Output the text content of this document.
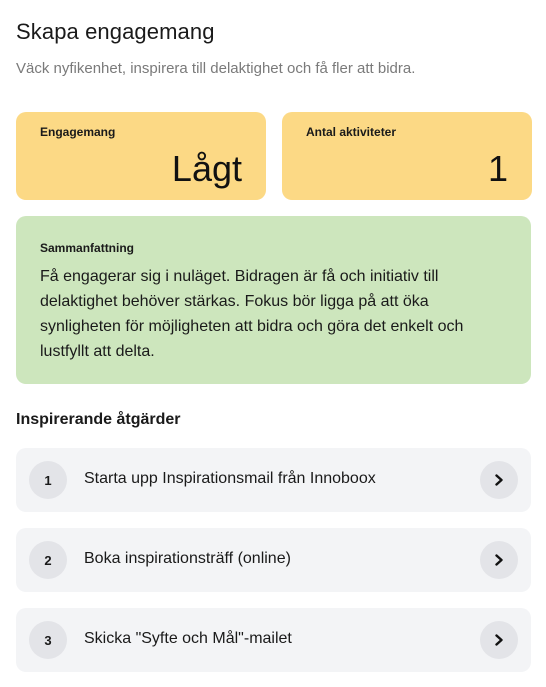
Skapa engagemang

Väck nyfikenhet, inspirera till delaktighet och få fler att bidra.

Engagemang
Lågt
Antal aktiviteter
1
Sammanfattning

Få engagerar sig i nuläget. Bidragen är få och initiativ till delaktighet behöver stärkas. Fokus bör ligga på att öka synligheten för möjligheten att bidra och göra det enkelt och lustfyllt att delta.

Inspirerande åtgärder
1	Starta upp Inspirationsmail från Innoboox
2	Boka inspirationsträff (online)
3	Skicka "Syfte och Mål"-mailet
